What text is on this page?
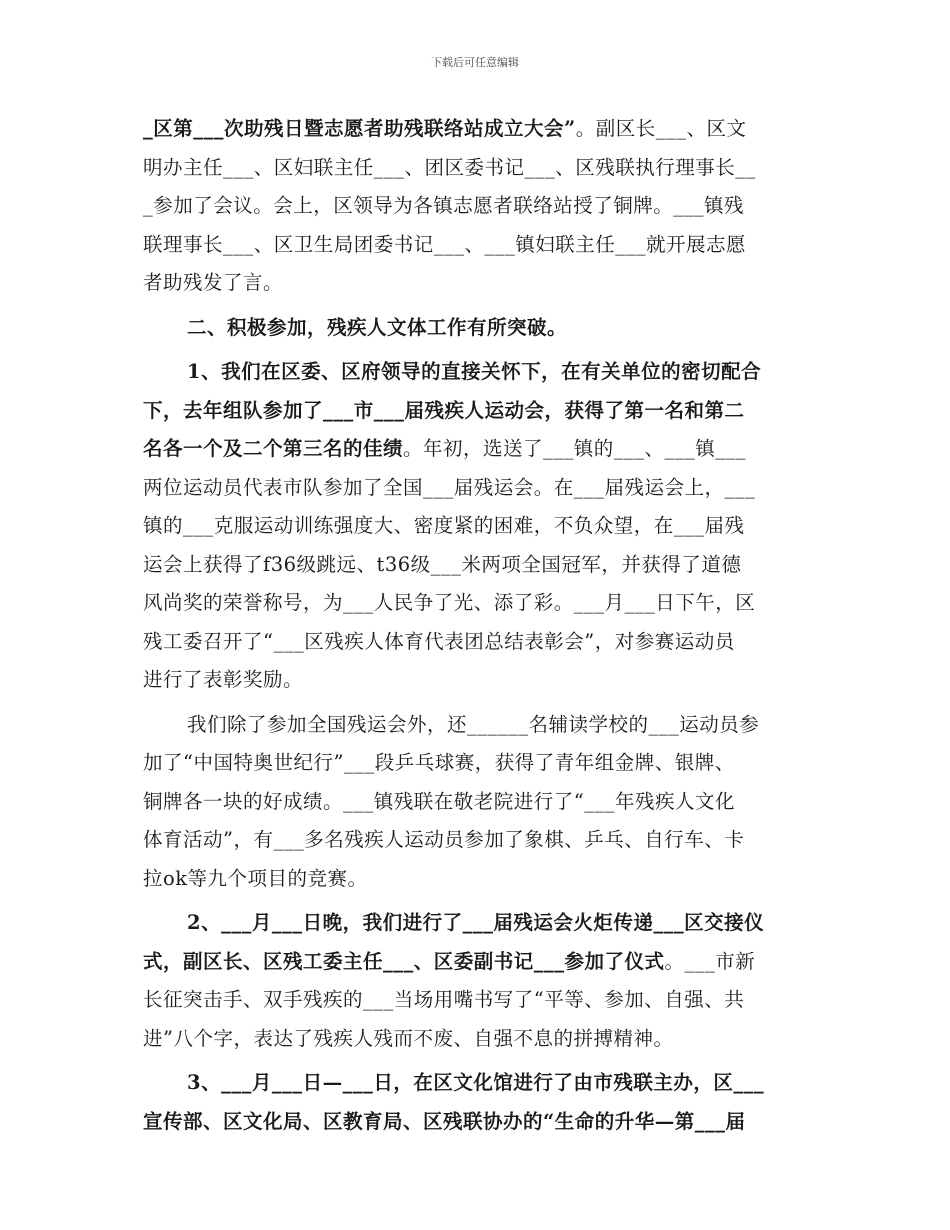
下载后可任意编辑
_区第___次助残日暨志愿者助残联络站成立大会”。副区长___、区文
明办主任___、区妇联主任___、团区委书记___、区残联执行理事长__
_参加了会议。会上，区领导为各镇志愿者联络站授了铜牌。___镇残
联理事长___、区卫生局团委书记___、___镇妇联主任___就开展志愿
者助残发了言。
二、积极参加，残疾人文体工作有所突破。
1、我们在区委、区府领导的直接关怀下，在有关单位的密切配合
下，去年组队参加了___市___届残疾人运动会，获得了第一名和第二
名各一个及二个第三名的佳绩。年初，选送了___镇的___、___镇___
两位运动员代表市队参加了全国___届残运会。在___届残运会上，___
镇的___克服运动训练强度大、密度紧的困难，不负众望，在___届残
运会上获得了f36级跳远、t36级___米两项全国冠军，并获得了道德
风尚奖的荣誉称号，为___人民争了光、添了彩。___月___日下午，区
残工委召开了“___区残疾人体育代表团总结表彰会”，对参赛运动员
进行了表彰奖励。
我们除了参加全国残运会外，还______名辅读学校的___运动员参
加了“中国特奥世纪行”___段乒乓球赛，获得了青年组金牌、银牌、
铜牌各一块的好成绩。___镇残联在敬老院进行了“___年残疾人文化
体育活动”，有___多名残疾人运动员参加了象棋、乒乓、自行车、卡
拉ok等九个项目的竞赛。
2、___月___日晚，我们进行了___届残运会火炬传递___区交接仪
式，副区长、区残工委主任___、区委副书记___参加了仪式。___市新
长征突击手、双手残疾的___当场用嘴书写了“平等、参加、自强、共
进”八个字，表达了残疾人残而不废、自强不息的拼搏精神。
3、___月___日—___日，在区文化馆进行了由市残联主办，区___
宣传部、区文化局、区教育局、区残联协办的“生命的升华—第___届
